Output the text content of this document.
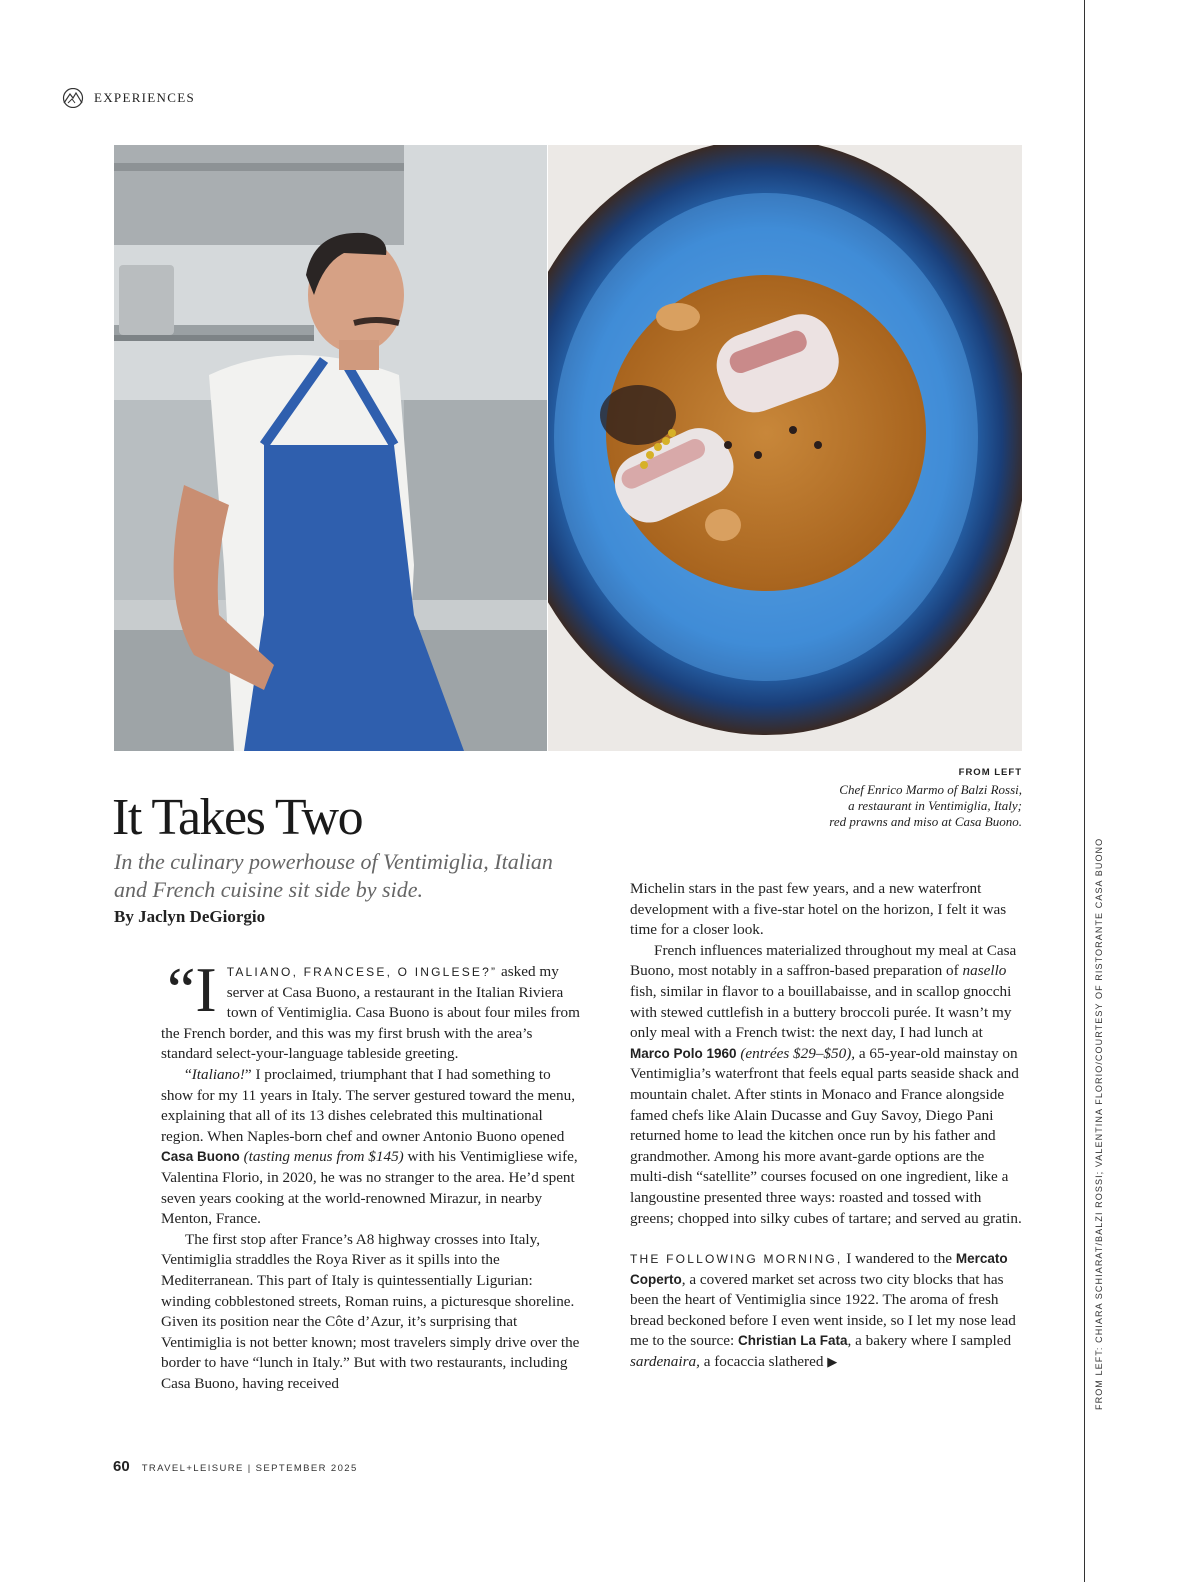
EXPERIENCES
FROM LEFT
Chef Enrico Marmo of Balzi Rossi,
a restaurant in Ventimiglia, Italy;
red prawns and miso at Casa Buono.
It Takes Two
In the culinary powerhouse of Ventimiglia, Italian and French cuisine sit side by side.
By Jaclyn DeGiorgio

“ITALIANO, FRANCESE, O INGLESE?” asked my server at Casa Buono, a restaurant in the Italian Riviera town of Ventimiglia. Casa Buono is about four miles from the French border, and this was my first brush with the area’s standard select-your-language tableside greeting.

“Italiano!” I proclaimed, triumphant that I had something to show for my 11 years in Italy. The server gestured toward the menu, explaining that all of its 13 dishes celebrated this multinational region. When Naples-born chef and owner Antonio Buono opened Casa Buono (tasting menus from $145) with his Ventimigliese wife, Valentina Florio, in 2020, he was no stranger to the area. He’d spent seven years cooking at the world-renowned Mirazur, in nearby Menton, France.

The first stop after France’s A8 highway crosses into Italy, Ventimiglia straddles the Roya River as it spills into the Mediterranean. This part of Italy is quintessentially Ligurian: winding cobblestoned streets, Roman ruins, a picturesque shoreline. Given its position near the Côte d’Azur, it’s surprising that Ventimiglia is not better known; most travelers simply drive over the border to have “lunch in Italy.” But with two restaurants, including Casa Buono, having received

Michelin stars in the past few years, and a new waterfront development with a five-star hotel on the horizon, I felt it was time for a closer look.

French influences materialized throughout my meal at Casa Buono, most notably in a saffron-based preparation of nasello fish, similar in flavor to a bouillabaisse, and in scallop gnocchi with stewed cuttlefish in a buttery broccoli purée. It wasn’t my only meal with a French twist: the next day, I had lunch at Marco Polo 1960 (entrées $29–$50), a 65-year-old mainstay on Ventimiglia’s waterfront that feels equal parts seaside shack and mountain chalet. After stints in Monaco and France alongside famed chefs like Alain Ducasse and Guy Savoy, Diego Pani returned home to lead the kitchen once run by his father and grandmother. Among his more avant-garde options are the multi-dish “satellite” courses focused on one ingredient, like a langoustine presented three ways: roasted and tossed with greens; chopped into silky cubes of tartare; and served au gratin.

THE FOLLOWING MORNING, I wandered to the Mercato Coperto, a covered market set across two city blocks that has been the heart of Ventimiglia since 1922. The aroma of fresh bread beckoned before I even went inside, so I let my nose lead me to the source: Christian La Fata, a bakery where I sampled sardenaira, a focaccia slathered ▶

60 TRAVEL+LEISURE | SEPTEMBER 2025
FROM LEFT: CHIARA SCHIARAT/BALZI ROSSI; VALENTINA FLORIO/COURTESY OF RISTORANTE CASA BUONO
